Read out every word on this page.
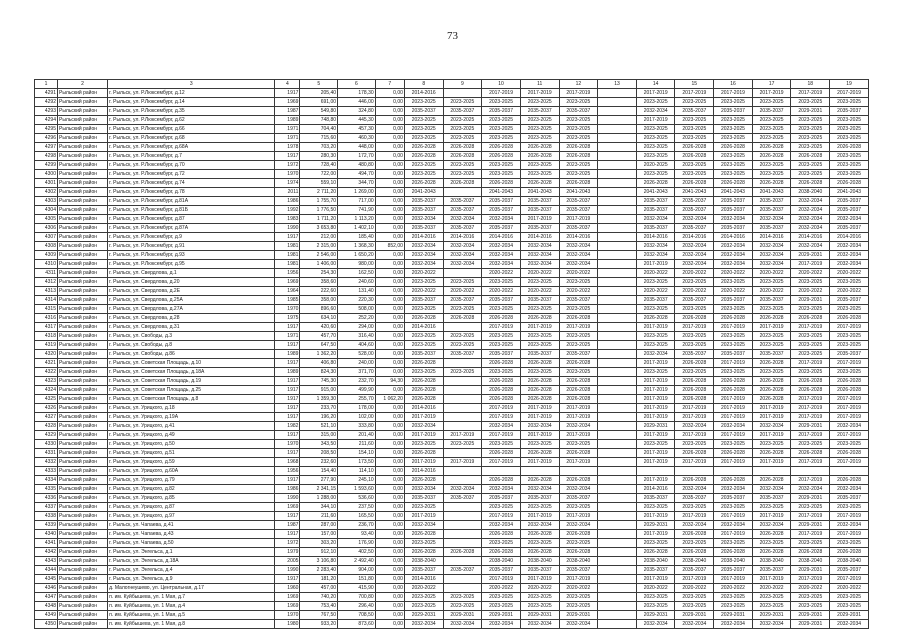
73
1	2	3	4	5	6	7	8	9	10	11	12	13	14	15	16	17	18	19
4291	Рыльский район	г. Рыльск, ул. Р.Люксембург, д.12	1917	205,40	178,30	0,00	2014-2016		2017-2019	2017-2019	2017-2019		2017-2019	2017-2019	2017-2019	2017-2019	2017-2019	2017-2019
4292	Рыльский район	г. Рыльск, ул. Р.Люксембург, д.14	1969	691,00	446,00	0,00	2023-2025	2023-2025	2023-2025	2023-2025	2023-2025		2023-2025	2023-2025	2023-2025	2023-2025	2023-2025	2023-2025
4293	Рыльский район	г. Рыльск, ул. Р.Люксембург, д.35	1987	549,80	324,80	0,00	2035-2037	2035-2037	2035-2037	2035-2037	2035-2037		2032-2034	2035-2037	2035-2037	2035-2037	2029-2031	2035-2037
4294	Рыльский район	г. Рыльск, ул. Р.Люксембург, д.62	1989	748,80	445,30	0,00	2023-2025	2023-2025	2023-2025	2023-2025	2023-2025		2017-2019	2023-2025	2023-2025	2023-2025	2023-2025	2023-2025
4295	Рыльский район	г. Рыльск, ул. Р.Люксембург, д.66	1971	704,40	457,30	0,00	2023-2025	2023-2025	2023-2025	2023-2025	2023-2025		2023-2025	2023-2025	2023-2025	2023-2025	2023-2025	2023-2025
4296	Рыльский район	г. Рыльск, ул. Р.Люксембург, д.68	1971	715,60	460,30	0,00	2023-2025	2023-2025	2023-2025	2023-2025	2023-2025		2023-2025	2023-2025	2023-2025	2023-2025	2023-2025	2023-2025
4297	Рыльский район	г. Рыльск, ул. Р.Люксембург, д.68А	1978	703,20	448,00	0,00	2026-2028	2026-2028	2026-2028	2026-2028	2026-2028		2023-2025	2026-2028	2026-2028	2026-2028	2023-2025	2026-2028
4298	Рыльский район	г. Рыльск, ул. Р.Люксембург, д.7	1917	280,30	172,70	0,00	2026-2028	2026-2028	2026-2028	2026-2028	2026-2028		2023-2025	2026-2028	2023-2025	2026-2028	2026-2028	2023-2025
4299	Рыльский район	г. Рыльск, ул. Р.Люксембург, д.70	1972	728,40	480,80	0,00	2023-2025	2023-2025	2023-2025	2023-2025	2023-2025		2020-2025	2023-2025	2023-2025	2023-2025	2023-2025	2023-2025
4300	Рыльский район	г. Рыльск, ул. Р.Люксембург, д.72	1970	722,00	494,70	0,00	2023-2025	2023-2025	2023-2025	2023-2025	2023-2025		2023-2025	2023-2025	2023-2025	2023-2025	2023-2025	2023-2025
4301	Рыльский район	г. Рыльск, ул. Р.Люксембург, д.74	1974	559,10	344,70	0,00	2026-2028	2026-2028	2026-2028	2026-2028	2026-2028		2026-2028	2026-2028	2026-2028	2026-2028	2026-2028	2026-2028
4302	Рыльский район	г. Рыльск, ул. Р.Люксембург, д.78	2011	2 711,20	1 269,00	0,00	2041-2043		2041-2043	2041-2043	2041-2043		2041-2043	2041-2043	2041-2043	2041-2043	2038-2040	2041-2043
4303	Рыльский район	г. Рыльск, ул. Р.Люксембург, д.81А	1986	1 755,70	717,00	0,00	2035-2037	2035-2037	2035-2037	2035-2037	2035-2037		2035-2037	2035-2037	2035-2037	2035-2037	2032-2034	2035-2037
4304	Рыльский район	г. Рыльск, ул. Р.Люксембург, д.81Б	1992	1 776,50	741,90	0,00	2035-2037	2035-2037	2035-2037	2035-2037	2035-2037		2035-2037	2035-2037	2035-2037	2035-2037	2032-2034	2035-2037
4305	Рыльский район	г. Рыльск, ул. Р.Люксембург, д.87	1983	1 711,20	1 113,20	0,00	2032-2034	2032-2034	2032-2034	2017-2019	2017-2019		2032-2034	2032-2034	2032-2034	2032-2034	2032-2034	2032-2034
4306	Рыльский район	г. Рыльск, ул. Р.Люксембург, д.87А	1990	3 653,80	1 402,10	0,00	2035-2037	2035-2037	2035-2037	2035-2037	2035-2037		2035-2037	2035-2037	2035-2037	2035-2037	2032-2034	2035-2037
4307	Рыльский район	г. Рыльск, ул. Р.Люксембург, д.9	1917	212,00	185,40	0,00	2014-2016	2014-2016	2014-2016	2014-2016	2014-2016		2014-2016	2014-2016	2014-2016	2014-2016	2014-2016	2014-2016
4308	Рыльский район	г. Рыльск, ул. Р.Люксембург, д.91	1981	2 315,00	1 368,30	852,00	2032-2034	2032-2034	2032-2034	2032-2034	2032-2034		2032-2034	2032-2034	2032-2034	2032-2034	2032-2034	2032-2034
4309	Рыльский район	г. Рыльск, ул. Р.Люксембург, д.93	1981	2 546,00	1 650,20	0,00	2032-2034	2032-2034	2032-2034	2032-2034	2032-2034		2032-2034	2032-2034	2032-2034	2032-2034	2029-2031	2032-2034
4310	Рыльский район	г. Рыльск, ул. Р.Люксембург, д.95	1981	1 406,00	980,00	0,00	2032-2034	2032-2034	2032-2034	2032-2034	2032-2034		2017-2019	2032-2034	2032-2034	2032-2034	2017-2019	2032-2034
4311	Рыльский район	г. Рыльск, ул. Свердлова, д.1	1956	254,30	162,50	0,00	2020-2022		2020-2022	2020-2022	2020-2022		2020-2022	2020-2022	2020-2022	2020-2022	2020-2022	2020-2022
4312	Рыльский район	г. Рыльск, ул. Свердлова, д.20	1969	358,60	240,60	0,00	2023-2025	2023-2025	2023-2025	2023-2025	2023-2025		2023-2025	2023-2025	2023-2025	2023-2025	2023-2025	2023-2025
4313	Рыльский район	г. Рыльск, ул. Свердлова, д.2Е	1964	222,60	131,40	0,00	2020-2022	2020-2022	2020-2022	2020-2022	2020-2022		2020-2022	2020-2022	2020-2022	2020-2022	2020-2022	2020-2022
4314	Рыльский район	г. Рыльск, ул. Свердлова, д.25А	1985	358,00	220,30	0,00	2035-2037	2035-2037	2035-2037	2035-2037	2035-2037		2035-2037	2035-2037	2035-2037	2035-2037	2029-2031	2035-2037
4315	Рыльский район	г. Рыльск, ул. Свердлова, д.27А	1970	896,60	508,00	0,00	2023-2025	2023-2025	2023-2025	2023-2025	2023-2025		2023-2025	2023-2025	2023-2025	2023-2025	2023-2025	2023-2025
4316	Рыльский район	г. Рыльск, ул. Свердлова, д.28	1975	634,10	252,20	0,00	2026-2028	2026-2028	2026-2028	2026-2028	2026-2028		2026-2028	2026-2028	2026-2028	2026-2028	2026-2028	2026-2028
4317	Рыльский район	г. Рыльск, ул. Свердлова, д.31	1917	420,60	294,00	0,00	2014-2016		2017-2019	2017-2019	2017-2019		2017-2019	2017-2019	2017-2019	2017-2019	2017-2019	2017-2019
4318	Рыльский район	г. Рыльск, ул. Свободы, д.3	1971	457,70	316,40	0,00	2023-2025	2023-2025	2023-2025	2023-2025	2023-2025		2023-2025	2023-2025	2023-2025	2023-2025	2023-2025	2023-2025
4319	Рыльский район	г. Рыльск, ул. Свободы, д.8	1917	647,50	404,60	0,00	2023-2025	2023-2025	2023-2025	2023-2025	2023-2025		2023-2025	2023-2025	2023-2025	2023-2025	2023-2025	2023-2025
4320	Рыльский район	г. Рыльск, ул. Свободы, д.86	1989	1 362,20	528,00	0,00	2035-2037	2035-2037	2035-2037	2035-2037	2035-2037		2032-2034	2035-2037	2035-2037	2035-2037	2023-2025	2035-2037
4321	Рыльский район	г. Рыльск, ул. Советская Площадь, д.10	1917	406,80	240,00	0,00	2026-2028		2026-2028	2026-2028	2026-2028		2017-2019	2026-2028	2017-2019	2026-2028	2017-2019	2017-2019
4322	Рыльский район	г. Рыльск, ул. Советская Площадь, д.18А	1989	824,30	371,70	0,00	2023-2025	2023-2025	2023-2025	2023-2025	2023-2025		2023-2025	2023-2025	2023-2025	2023-2025	2023-2025	2023-2025
4323	Рыльский район	г. Рыльск, ул. Советская Площадь, д.19	1917	745,30	232,70	94,30	2026-2028		2026-2028	2026-2028	2026-2028		2017-2019	2026-2028	2026-2028	2026-2028	2026-2028	2026-2028
4324	Рыльский район	г. Рыльск, ул. Советская Площадь, д.25	1917	915,00	499,90	0,00	2026-2028		2026-2028	2026-2028	2026-2028		2017-2019	2026-2028	2026-2028	2026-2028	2026-2028	2026-2028
4325	Рыльский район	г. Рыльск, ул. Советская Площадь, д.8	1917	1 359,30	255,70	1 062,20	2026-2028		2026-2028	2026-2028	2026-2028		2017-2019	2026-2028	2017-2019	2026-2028	2017-2019	2017-2019
4326	Рыльский район	г. Рыльск, ул. Урицкого, д.18	1917	233,70	178,00	0,00	2014-2016		2017-2019	2017-2019	2017-2019		2017-2019	2017-2019	2017-2019	2017-2019	2017-2019	2017-2019
4327	Рыльский район	г. Рыльск, ул. Урицкого, д.19А	1917	196,20	102,00	0,00	2017-2019		2017-2019	2017-2019	2017-2019		2017-2019	2017-2019	2017-2019	2017-2019	2017-2019	2017-2019
4328	Рыльский район	г. Рыльск, ул. Урицкого, д.41	1982	521,10	333,80	0,00	2032-2034		2032-2034	2032-2034	2032-2034		2029-2031	2032-2034	2032-2034	2032-2034	2029-2031	2032-2034
4329	Рыльский район	г. Рыльск, ул. Урицкого, д.49	1917	315,00	201,40	0,00	2017-2019	2017-2019	2017-2019	2017-2019	2017-2019		2017-2019	2017-2019	2017-2019	2017-2019	2017-2019	2017-2019
4330	Рыльский район	г. Рыльск, ул. Урицкого, д.50	1970	343,50	211,60	0,00	2023-2025	2023-2025	2023-2025	2023-2025	2023-2025		2023-2025	2023-2025	2023-2025	2023-2025	2023-2025	2023-2025
4331	Рыльский район	г. Рыльск, ул. Урицкого, д.51	1917	208,50	154,10	0,00	2026-2028		2026-2028	2026-2028	2026-2028		2017-2019	2026-2028	2026-2028	2026-2028	2026-2028	2026-2028
4332	Рыльский район	г. Рыльск, ул. Урицкого, д.59	1968	232,60	173,50	0,00	2017-2019	2017-2019	2017-2019	2017-2019	2017-2019		2017-2019	2017-2019	2017-2019	2017-2019	2017-2019	2017-2019
4333	Рыльский район	г. Рыльск, ул. Урицкого, д.60А	1956	154,40	114,10	0,00	2014-2016											
4334	Рыльский район	г. Рыльск, ул. Урицкого, д.79	1917	277,90	245,10	0,00	2026-2028		2026-2028	2026-2028	2026-2028		2017-2019	2026-2028	2026-2028	2026-2028	2017-2019	2026-2028
4335	Рыльский район	г. Рыльск, ул. Урицкого, д.82	1986	2 341,15	1 593,60	0,00	2032-2034	2032-2034	2032-2034	2032-2034	2032-2034		2014-2016	2032-2034	2032-2034	2032-2034	2032-2034	2032-2034
4336	Рыльский район	г. Рыльск, ул. Урицкого, д.85	1990	1 288,00	536,60	0,00	2035-2037	2035-2037	2035-2037	2035-2037	2035-2037		2035-2037	2035-2037	2035-2037	2035-2037	2029-2031	2035-2037
4337	Рыльский район	г. Рыльск, ул. Урицкого, д.87	1969	344,10	237,50	0,00	2023-2025		2023-2025	2023-2025	2023-2025		2023-2025	2023-2025	2023-2025	2023-2025	2023-2025	2023-2025
4338	Рыльский район	г. Рыльск, ул. Урицкого, д.97	1917	211,60	165,50	0,00	2017-2019		2017-2019	2017-2019	2017-2019		2017-2019	2017-2019	2017-2019	2017-2019	2017-2019	2017-2019
4339	Рыльский район	г. Рыльск, ул. Чапаева, д.41	1987	287,00	236,70	0,00	2032-2034		2032-2034	2032-2034	2032-2034		2029-2031	2032-2034	2032-2034	2032-2034	2029-2031	2032-2034
4340	Рыльский район	г. Рыльск, ул. Чапаева, д.43	1917	157,00	93,40	0,00	2026-2028		2026-2028	2026-2028	2026-2028		2017-2019	2026-2028	2017-2019	2026-2028	2017-2019	2017-2019
4341	Рыльский район	г. Рыльск, ул. Чапаева, д.50	1972	303,20	176,90	0,00	2023-2025		2023-2025	2023-2025	2023-2025		2023-2025	2023-2025	2023-2025	2023-2025	2023-2025	2023-2025
4342	Рыльский район	г. Рыльск, ул. Энгельса, д.1	1979	912,10	402,50	0,00	2026-2028	2026-2028	2026-2028	2026-2028	2026-2028		2026-2028	2026-2028	2026-2028	2026-2028	2026-2028	2026-2028
4343	Рыльский район	г. Рыльск, ул. Энгельса, д.18А	2005	3 106,80	2 492,40	0,00	2038-2040		2038-2040	2038-2040	2038-2040		2038-2040	2038-2040	2038-2040	2038-2040	2038-2040	2038-2040
4344	Рыльский район	г. Рыльск, ул. Энгельса, д.4	1990	2 283,40	904,00	0,00	2035-2037	2035-2037	2035-2037	2035-2037	2035-2037		2035-2037	2035-2037	2035-2037	2035-2037	2029-2031	2035-2037
4345	Рыльский район	г. Рыльск, ул. Энгельса, д.9	1917	181,20	151,80	0,00	2014-2016		2017-2019	2017-2019	2017-2019		2017-2019	2017-2019	2017-2019	2017-2019	2017-2019	2017-2019
4346	Рыльский район	д. Малогнеушево, ул. Центральная, д.17	1960	457,00	415,90	0,00	2020-2022		2020-2022	2020-2022	2020-2022		2020-2022	2020-2022	2020-2022	2020-2022	2020-2022	2020-2022
4347	Рыльский район	п. им. Куйбышева, ул. 1 Мая, д.7	1969	740,20	700,80	0,00	2023-2025	2023-2025	2023-2025	2023-2025	2023-2025		2023-2025	2023-2025	2023-2025	2023-2025	2023-2025	2023-2025
4348	Рыльский район	п. им. Куйбышева, ул. 1 Мая, д.4	1969	753,40	296,40	0,00	2023-2025	2023-2025	2023-2025	2023-2025	2023-2025		2023-2025	2023-2025	2023-2025	2023-2025	2023-2025	2023-2025
4349	Рыльский район	п. им. Куйбышева, ул. 1 Мая, д.5	1970	767,50	708,50	0,00	2029-2031	2029-2031	2029-2031	2029-2031	2029-2031		2029-2031	2029-2031	2029-2031	2029-2031	2029-2031	2029-2031
4350	Рыльский район	п. им. Куйбышева, ул. 1 Мая, д.8	1980	933,20	873,60	0,00	2032-2034	2032-2034	2032-2034	2032-2034	2032-2034		2032-2034	2032-2034	2032-2034	2032-2034	2029-2031	2032-2034
